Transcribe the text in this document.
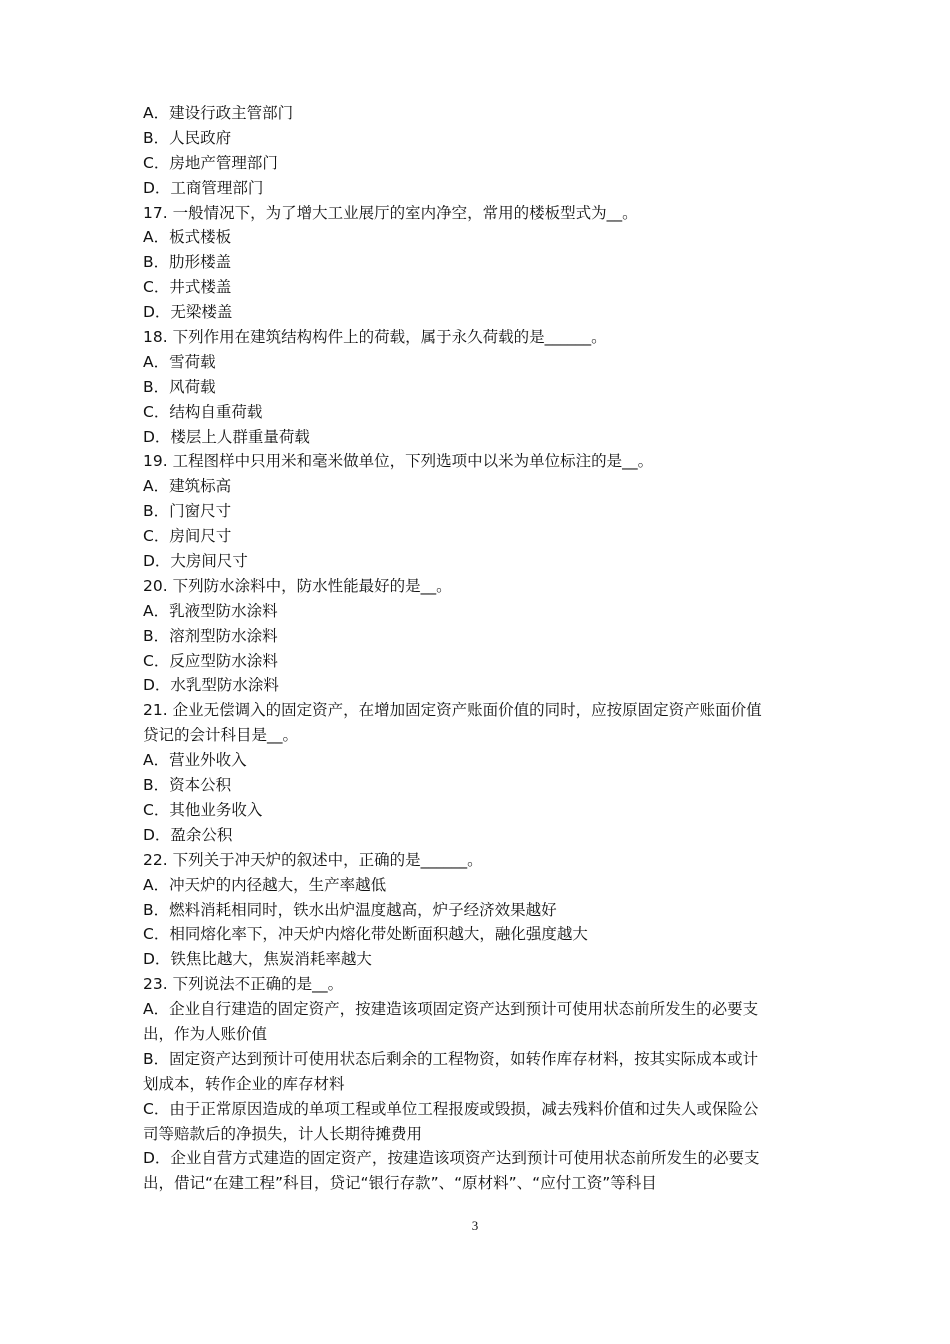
A．建设行政主管部门
B．人民政府
C．房地产管理部门
D．工商管理部门
17. 一般情况下，为了增大工业展厅的室内净空，常用的楼板型式为__。
A．板式楼板
B．肋形楼盖
C．井式楼盖
D．无梁楼盖
18. 下列作用在建筑结构构件上的荷载，属于永久荷载的是______。
A．雪荷载
B．风荷载
C．结构自重荷载
D．楼层上人群重量荷载
19. 工程图样中只用米和毫米做单位，下列选项中以米为单位标注的是__。
A．建筑标高
B．门窗尺寸
C．房间尺寸
D．大房间尺寸
20. 下列防水涂料中，防水性能最好的是__。
A．乳液型防水涂料
B．溶剂型防水涂料
C．反应型防水涂料
D．水乳型防水涂料
21. 企业无偿调入的固定资产，在增加固定资产账面价值的同时，应按原固定资产账面价值
贷记的会计科目是__。
A．营业外收入
B．资本公积
C．其他业务收入
D．盈余公积
22. 下列关于冲天炉的叙述中，正确的是______。
A．冲天炉的内径越大，生产率越低
B．燃料消耗相同时，铁水出炉温度越高，炉子经济效果越好
C．相同熔化率下，冲天炉内熔化带处断面积越大，融化强度越大
D．铁焦比越大，焦炭消耗率越大
23. 下列说法不正确的是__。
A．企业自行建造的固定资产，按建造该项固定资产达到预计可使用状态前所发生的必要支
出，作为人账价值
B．固定资产达到预计可使用状态后剩余的工程物资，如转作库存材料，按其实际成本或计
划成本，转作企业的库存材料
C．由于正常原因造成的单项工程或单位工程报废或毁损，减去残料价值和过失人或保险公
司等赔款后的净损失，计人长期待摊费用
D．企业自营方式建造的固定资产，按建造该项资产达到预计可使用状态前所发生的必要支
出，借记“在建工程”科目，贷记“银行存款”、“原材料”、“应付工资”等科目
3
